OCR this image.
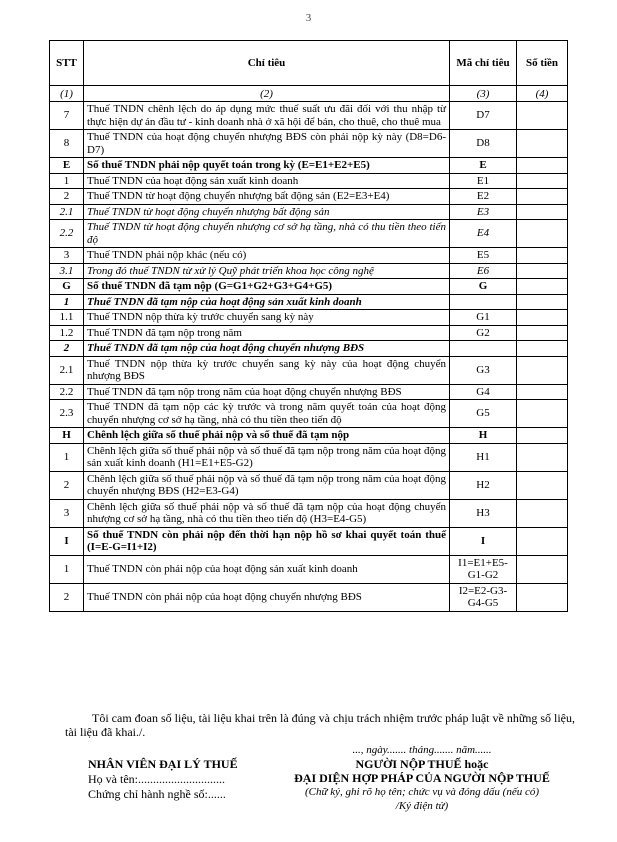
3
STT	Chỉ tiêu	Mã chỉ tiêu	Số tiền
(1)	(2)	(3)	(4)
7	Thuế TNDN chênh lệch do áp dụng mức thuế suất ưu đãi đối với thu nhập từ thực hiện dự án đầu tư - kinh doanh nhà ở xã hội để bán, cho thuê, cho thuê mua	D7	
8	Thuế TNDN của hoạt động chuyển nhượng BĐS còn phải nộp kỳ này (D8=D6-D7)	D8	
E	Số thuế TNDN phải nộp quyết toán trong kỳ (E=E1+E2+E5)	E	
1	Thuế TNDN của hoạt động sản xuất kinh doanh	E1	
2	Thuế TNDN từ hoạt động chuyển nhượng bất động sản (E2=E3+E4)	E2	
2.1	Thuế TNDN từ hoạt động chuyển nhượng bất động sản	E3	
2.2	Thuế TNDN từ hoạt động chuyển nhượng cơ sở hạ tầng, nhà có thu tiền theo tiến độ	E4	
3	Thuế TNDN phải nộp khác (nếu có)	E5	
3.1	Trong đó thuế TNDN từ xử lý Quỹ phát triển khoa học công nghệ	E6	
G	Số thuế TNDN đã tạm nộp (G=G1+G2+G3+G4+G5)	G	
1	Thuế TNDN đã tạm nộp của hoạt động sản xuất kinh doanh		
1.1	Thuế TNDN nộp thừa kỳ trước chuyển sang kỳ này	G1	
1.2	Thuế TNDN đã tạm nộp trong năm	G2	
2	Thuế TNDN đã tạm nộp của hoạt động chuyển nhượng BĐS		
2.1	Thuế TNDN nộp thừa kỳ trước chuyển sang kỳ này của hoạt động chuyển nhượng BĐS	G3	
2.2	Thuế TNDN đã tạm nộp trong năm của hoạt động chuyển nhượng BĐS	G4	
2.3	Thuế TNDN đã tạm nộp các kỳ trước và trong năm quyết toán của hoạt động chuyển nhượng cơ sở hạ tầng, nhà có thu tiền theo tiến độ	G5	
H	Chênh lệch giữa số thuế phải nộp và số thuế đã tạm nộp	H	
1	Chênh lệch giữa số thuế phải nộp và số thuế đã tạm nộp trong năm của hoạt động sản xuất kinh doanh (H1=E1+E5-G2)	H1	
2	Chênh lệch giữa số thuế phải nộp và số thuế đã tạm nộp trong năm của hoạt động chuyển nhượng BĐS (H2=E3-G4)	H2	
3	Chênh lệch giữa số thuế phải nộp và số thuế đã tạm nộp của hoạt động chuyển nhượng cơ sở hạ tầng, nhà có thu tiền theo tiến độ (H3=E4-G5)	H3	
I	Số thuế TNDN còn phải nộp đến thời hạn nộp hồ sơ khai quyết toán thuế (I=E-G=I1+I2)	I	
1	Thuế TNDN còn phải nộp của hoạt động sản xuất kinh doanh	I1=E1+E5-G1-G2	
2	Thuế TNDN còn phải nộp của hoạt động chuyển nhượng BĐS	I2=E2-G3-G4-G5	
Tôi cam đoan số liệu, tài liệu khai trên là đúng và chịu trách nhiệm trước pháp luật về những số liệu, tài liệu đã khai./.
NHÂN VIÊN ĐẠI LÝ THUẾ
Họ và tên:.............................
Chứng chỉ hành nghề số:......
..., ngày....... tháng....... năm......
NGƯỜI NỘP THUẾ hoặc
ĐẠI DIỆN HỢP PHÁP CỦA NGƯỜI NỘP THUẾ
(Chữ ký, ghi rõ họ tên; chức vụ và đóng dấu (nếu có)
/Ký điện tử)
